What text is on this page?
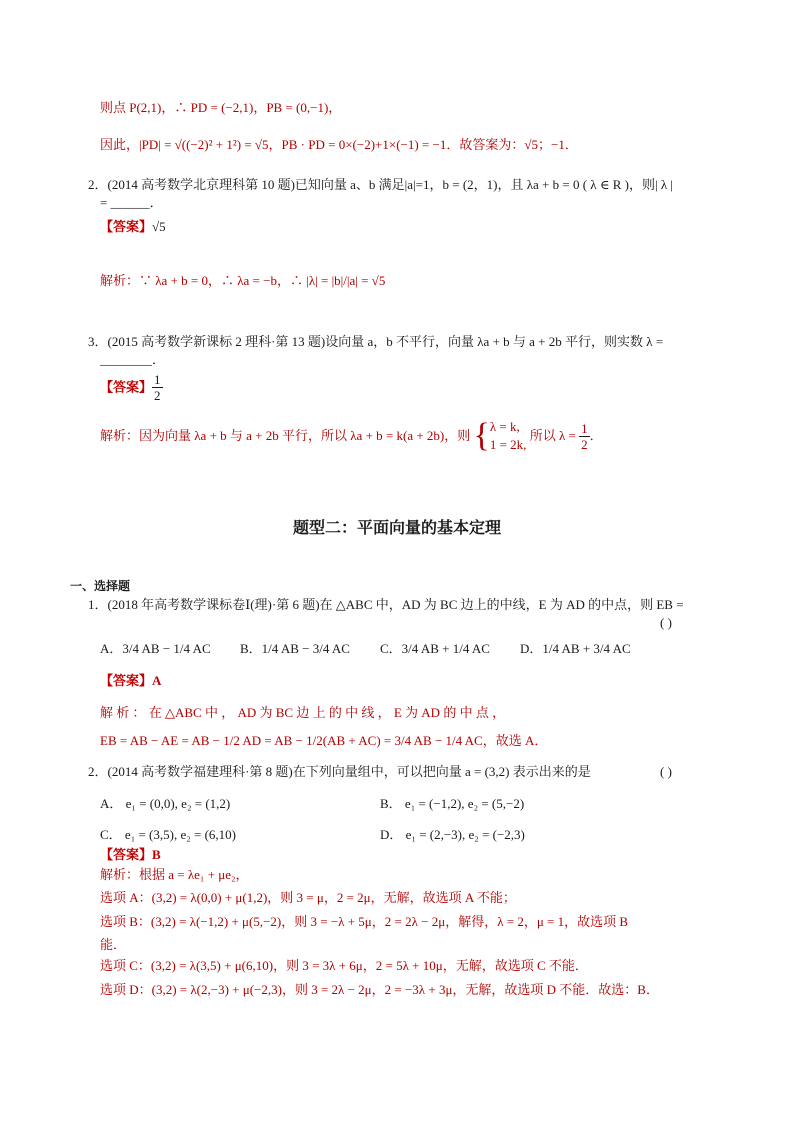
则点 P(2,1)，∴ PD = (−2,1)，PB = (0,−1)，
因此，|PD| = √((−2)² + 1²) = √5，PB · PD = 0×(−2)+1×(−1) = −1．故答案为：√5；−1．
2．(2014 高考数学北京理科第 10 题)已知向量 a、b 满足|a|=1，b = (2，1)，且 λa + b = 0 ( λ ∈ R )，则| λ |
= ______．
【答案】√5
解析：∵ λa + b = 0，∴ λa = −b，∴ |λ| = |b|/|a| = √5
3．(2015 高考数学新课标 2 理科·第 13 题)设向量 a，b 不平行，向量 λa + b 与 a + 2b 平行，则实数 λ =
________．
【答案】 $\frac{1}{2}$
解析：因为向量 λa + b 与 a + 2b 平行，所以 λa + b = k(a + 2b)，则 { λ = k,
1 = 2k,
所以 $\lambda = \frac{1}{2}$ ．
题型二：平面向量的基本定理
一、选择题
1．(2018 年高考数学课标卷Ⅰ(理)·第 6 题)在 △ABC 中，AD 为 BC 边上的中线，E 为 AD 的中点，则 EB =
( )
A．3/4 AB − 1/4 AC B．1/4 AB − 3/4 AC C．3/4 AB + 1/4 AC D．1/4 AB + 3/4 AC
【答案】A
解 析 ： 在 △ABC 中 ， AD 为 BC 边 上 的 中 线 ， E 为 AD 的 中 点 ，
EB = AB − AE = AB − 1/2 AD = AB − 1/2(AB + AC) = 3/4 AB − 1/4 AC，故选 A．
2．(2014 高考数学福建理科·第 8 题)在下列向量组中，可以把向量 a = (3,2) 表示出来的是	( )
A． e₁ = (0,0), e₂ = (1,2)	B． e₁ = (−1,2), e₂ = (5,−2)
C． e₁ = (3,5), e₂ = (6,10)	D． e₁ = (2,−3), e₂ = (−2,3)
【答案】B
解析：根据 a = λe₁ + μe₂，
选项 A：(3,2) = λ(0,0) + μ(1,2)，则 3 = μ，2 = 2μ，无解，故选项 A 不能；
选项 B：(3,2) = λ(−1,2) + μ(5,−2)，则 3 = −λ + 5μ，2 = 2λ − 2μ，解得，λ = 2，μ = 1，故选项 B
能．
选项 C：(3,2) = λ(3,5) + μ(6,10)，则 3 = 3λ + 6μ，2 = 5λ + 10μ，无解，故选项 C 不能．
选项 D：(3,2) = λ(2,−3) + μ(−2,3)，则 3 = 2λ − 2μ，2 = −3λ + 3μ，无解，故选项 D 不能．故选：B．
